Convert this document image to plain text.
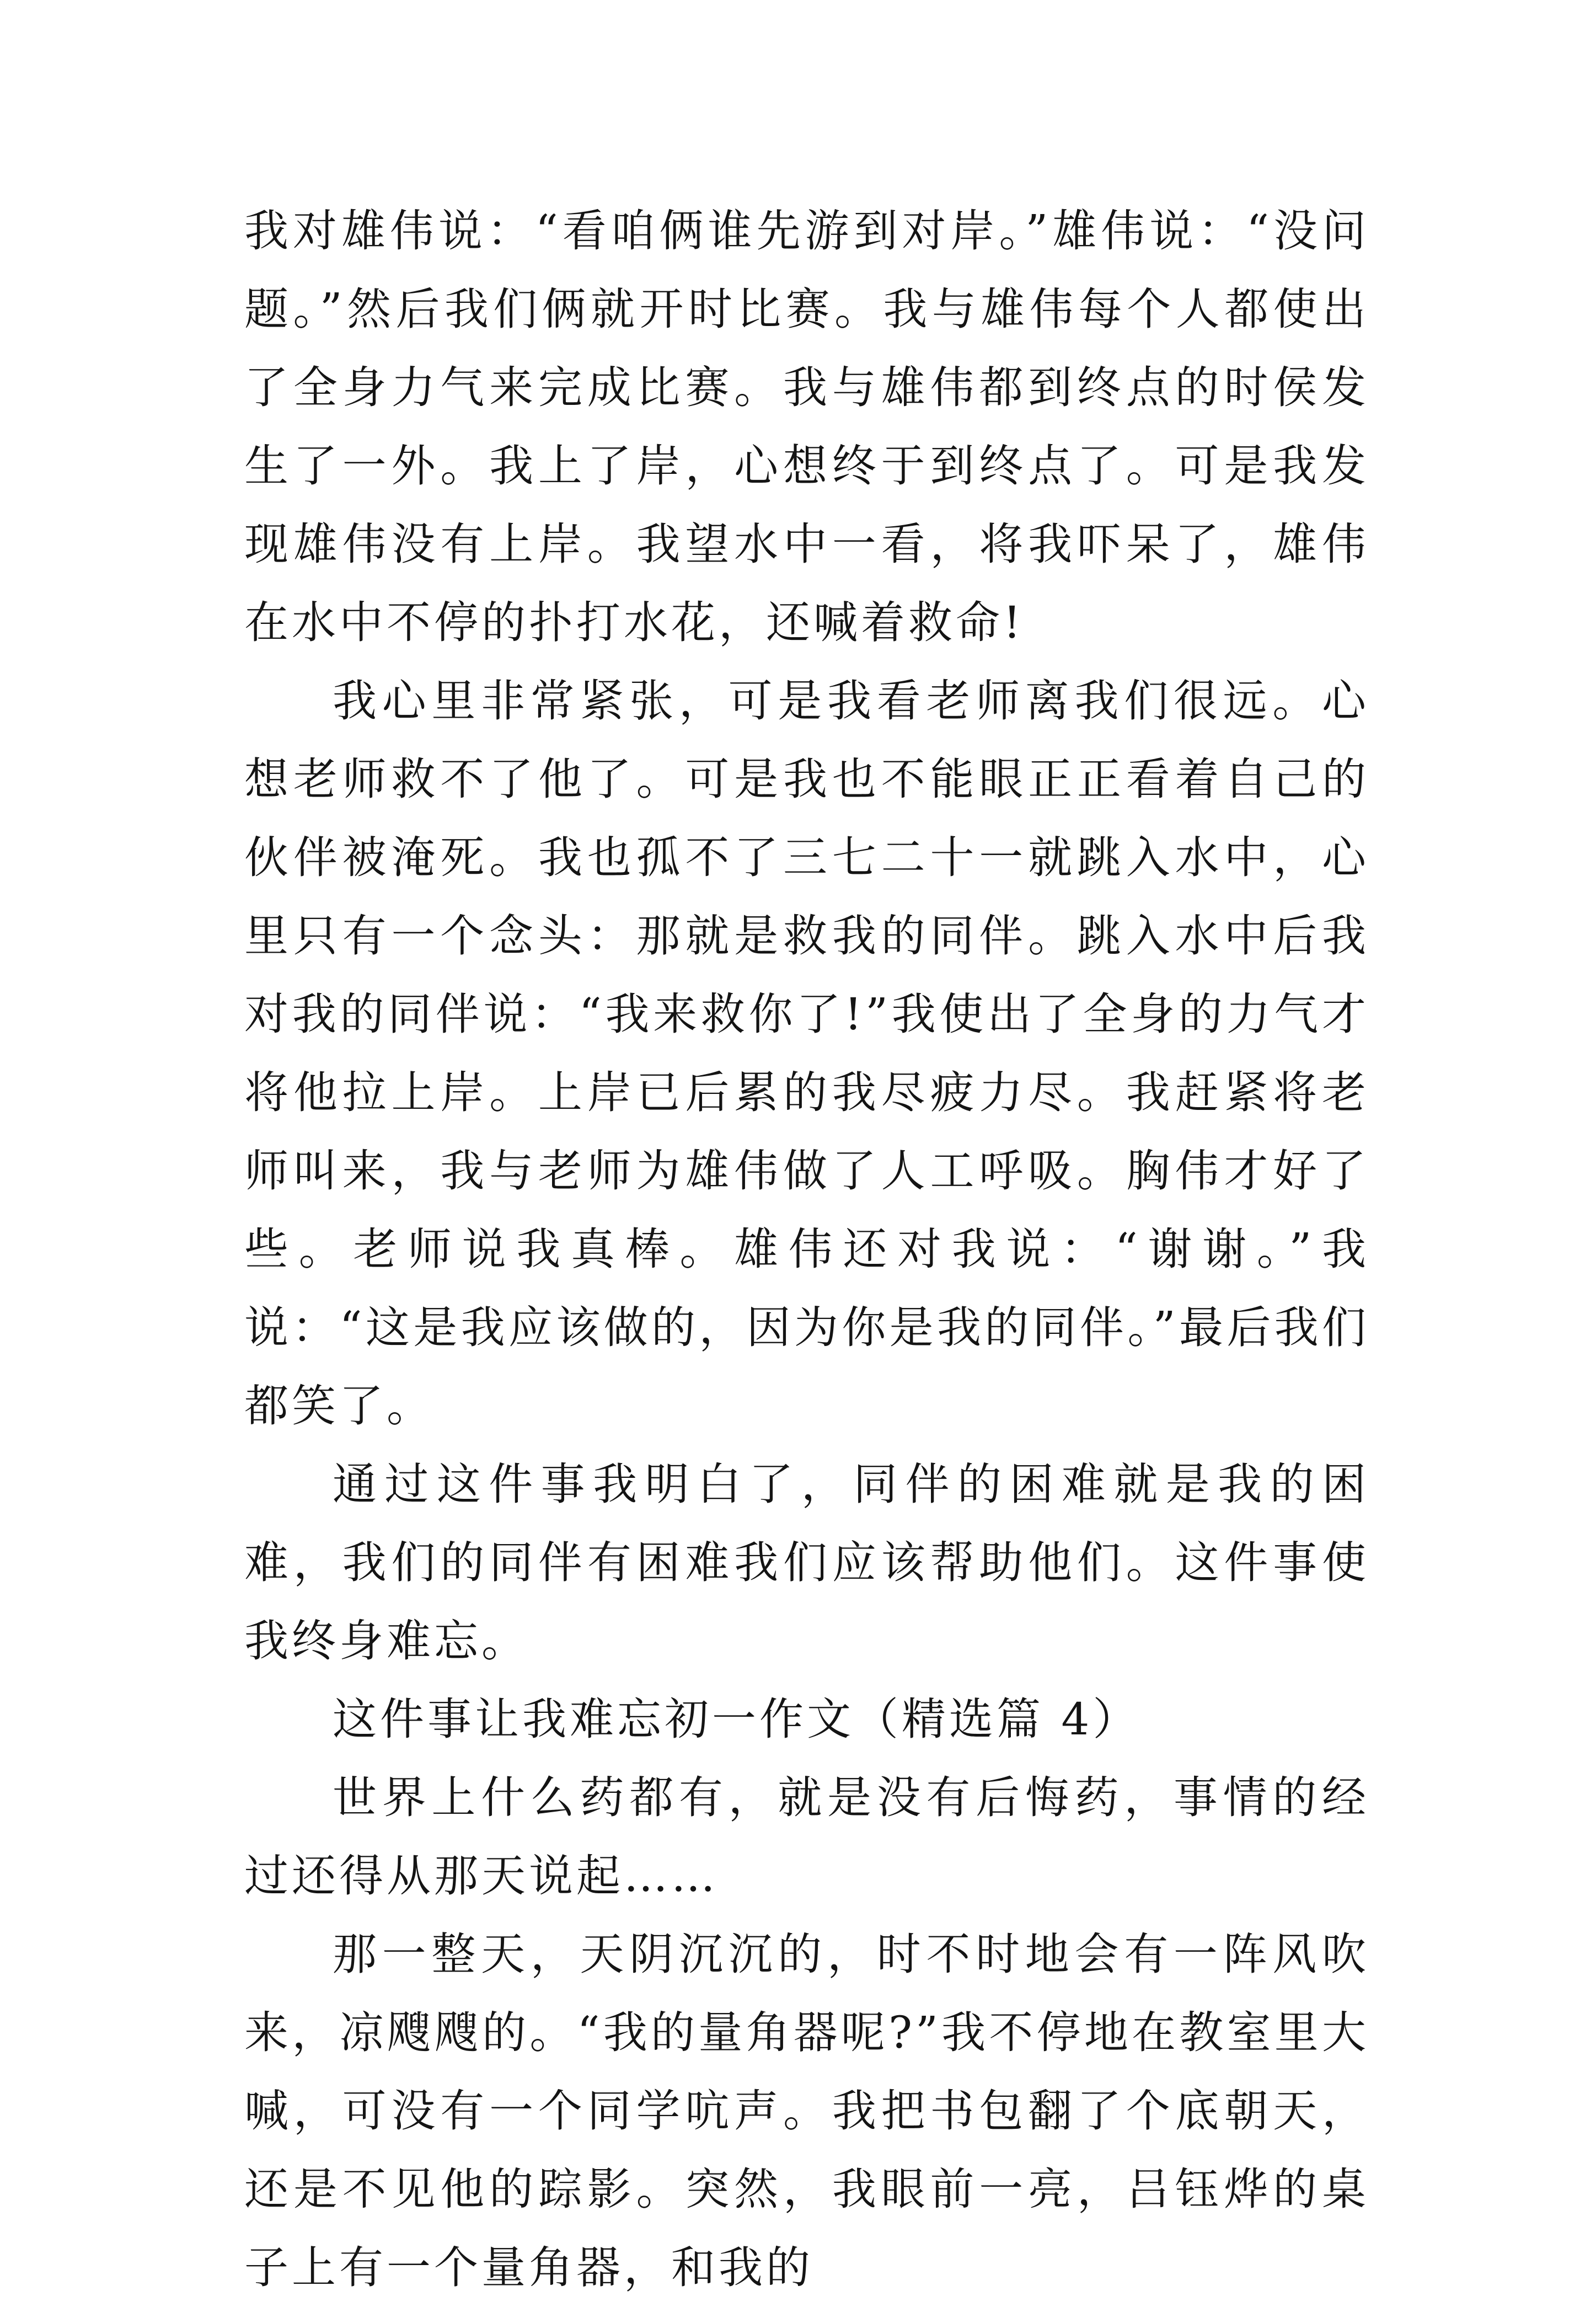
我对雄伟说：“看咱俩谁先游到对岸。”雄伟说：“没问题。”然后我们俩就开时比赛。我与雄伟每个人都使出了全身力气来完成比赛。我与雄伟都到终点的时侯发生了一外。我上了岸，心想终于到终点了。可是我发现雄伟没有上岸。我望水中一看，将我吓呆了，雄伟在水中不停的扑打水花，还喊着救命!

我心里非常紧张，可是我看老师离我们很远。心想老师救不了他了。可是我也不能眼正正看着自己的伙伴被淹死。我也孤不了三七二十一就跳入水中，心里只有一个念头：那就是救我的同伴。跳入水中后我对我的同伴说：“我来救你了!”我使出了全身的力气才将他拉上岸。上岸已后累的我尽疲力尽。我赶紧将老师叫来，我与老师为雄伟做了人工呼吸。胸伟才好了些。老师说我真棒。雄伟还对我说：“谢谢。”我说：“这是我应该做的，因为你是我的同伴。”最后我们都笑了。

通过这件事我明白了，同伴的困难就是我的困难，我们的同伴有困难我们应该帮助他们。这件事使我终身难忘。

这件事让我难忘初一作文（精选篇 4）

世界上什么药都有，就是没有后悔药，事情的经过还得从那天说起……

那一整天，天阴沉沉的，时不时地会有一阵风吹来，凉飕飕的。“我的量角器呢?”我不停地在教室里大喊，可没有一个同学吭声。我把书包翻了个底朝天，还是不见他的踪影。突然，我眼前一亮，吕钰烨的桌子上有一个量角器，和我的
